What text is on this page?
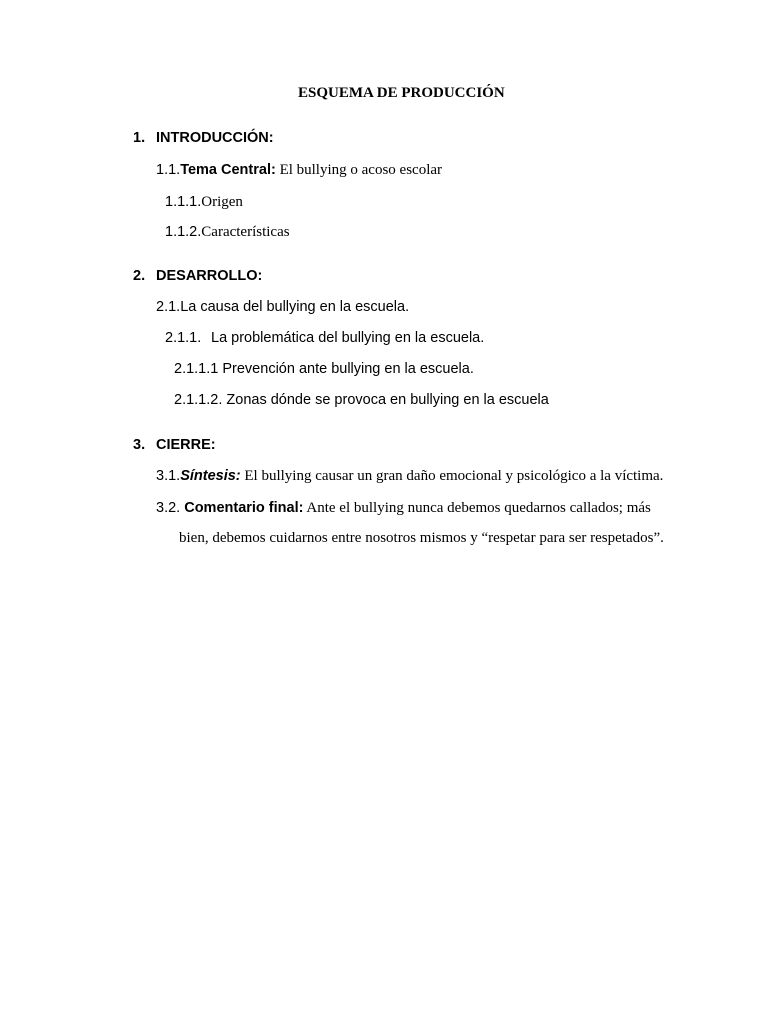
ESQUEMA DE PRODUCCIÓN
1. INTRODUCCIÓN:
1.1.Tema Central: El bullying o acoso escolar
1.1.1.Origen
1.1.2.Características
2. DESARROLLO:
2.1.La causa del bullying en la escuela.
2.1.1. La problemática del bullying en la escuela.
2.1.1.1 Prevención ante bullying en la escuela.
2.1.1.2. Zonas dónde se provoca en bullying en la escuela
3. CIERRE:
3.1.Síntesis: El bullying causar un gran daño emocional y psicológico a la víctima.
3.2. Comentario final: Ante el bullying nunca debemos quedarnos callados; más
bien, debemos cuidarnos entre nosotros mismos y “respetar para ser respetados”.
